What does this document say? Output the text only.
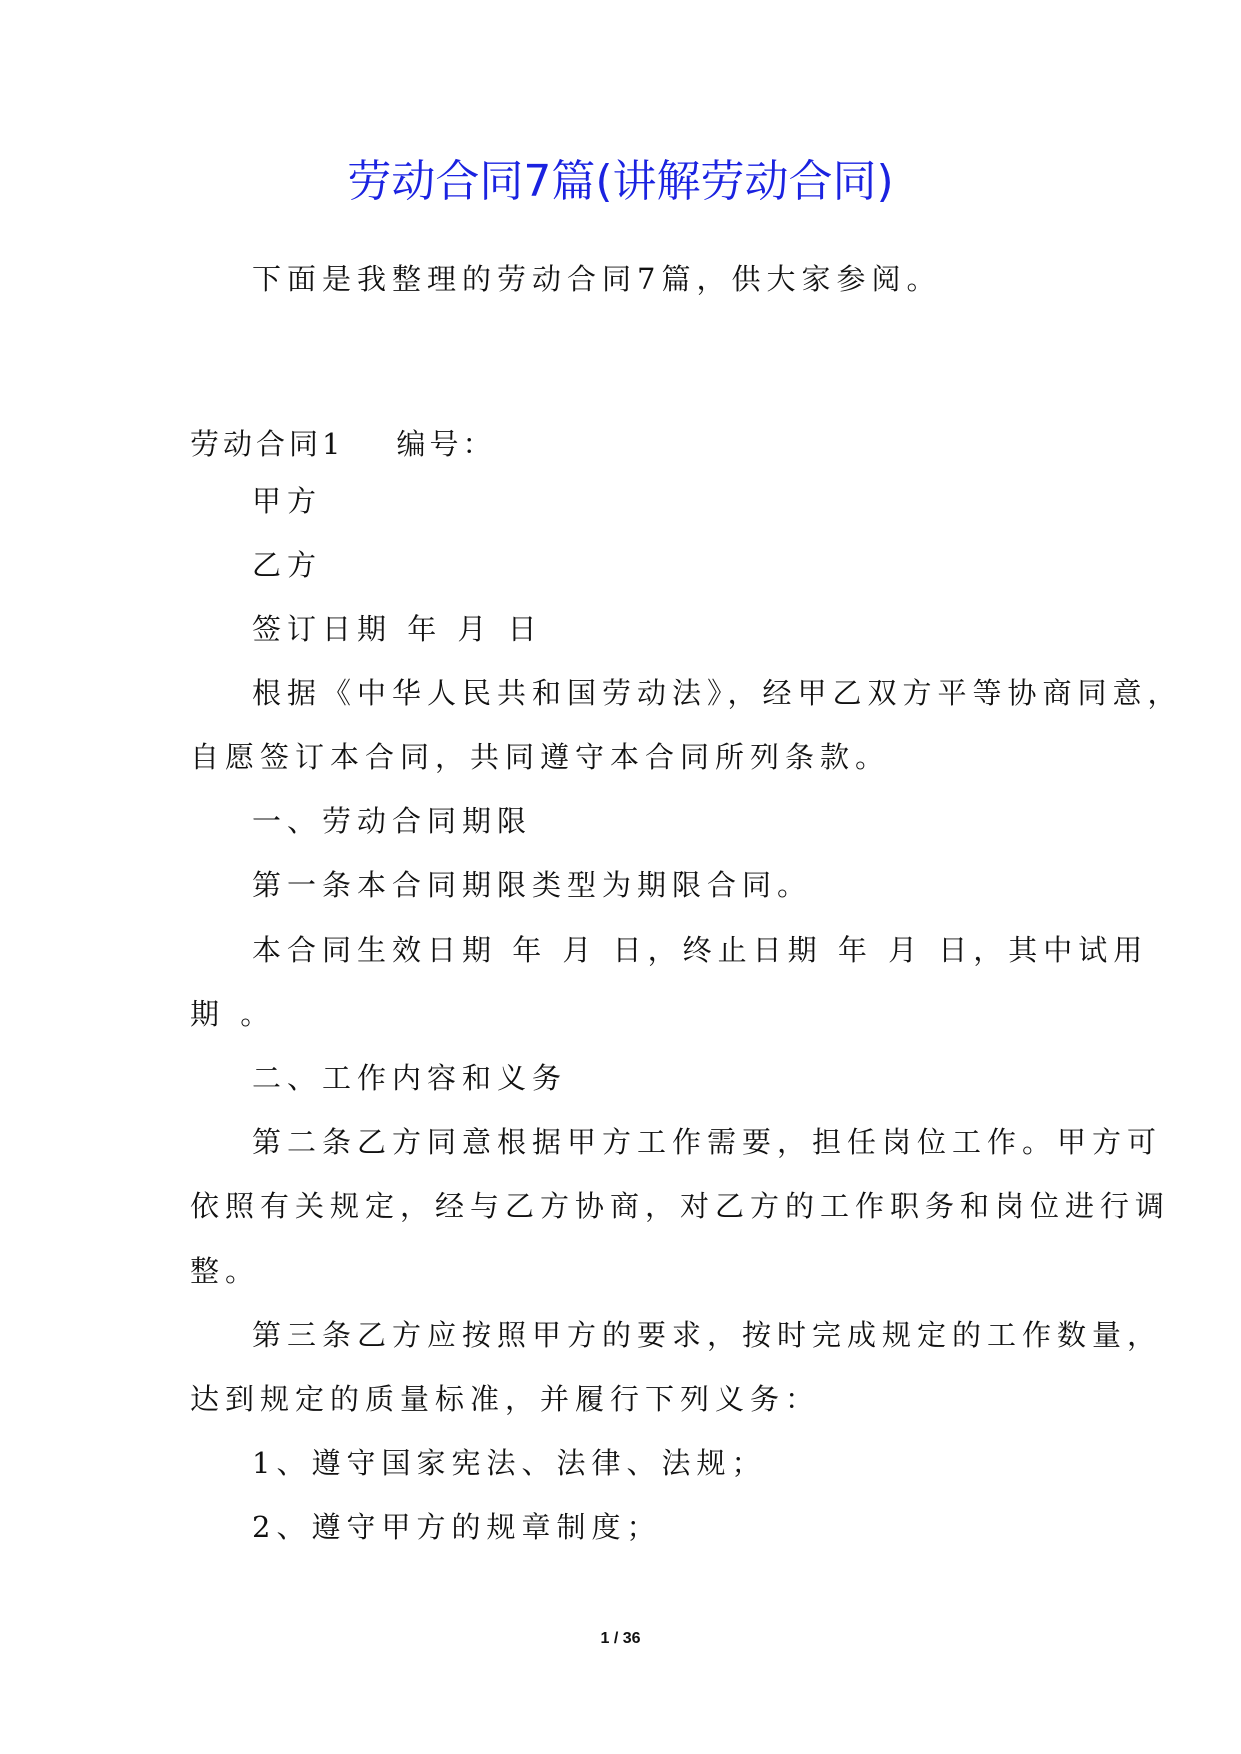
劳动合同7篇(讲解劳动合同)
下面是我整理的劳动合同7篇，供大家参阅。
劳动合同1 编号：
甲方
乙方
签订日期 年 月 日
根据《中华人民共和国劳动法》，经甲乙双方平等协商同意，
自愿签订本合同，共同遵守本合同所列条款。
一、劳动合同期限
第一条本合同期限类型为期限合同。
本合同生效日期 年 月 日，终止日期 年 月 日，其中试用
期 。
二、工作内容和义务
第二条乙方同意根据甲方工作需要，担任岗位工作。甲方可
依照有关规定，经与乙方协商，对乙方的工作职务和岗位进行调
整。
第三条乙方应按照甲方的要求，按时完成规定的工作数量，
达到规定的质量标准，并履行下列义务：
1、遵守国家宪法、法律、法规；
2、遵守甲方的规章制度；
1 / 36
